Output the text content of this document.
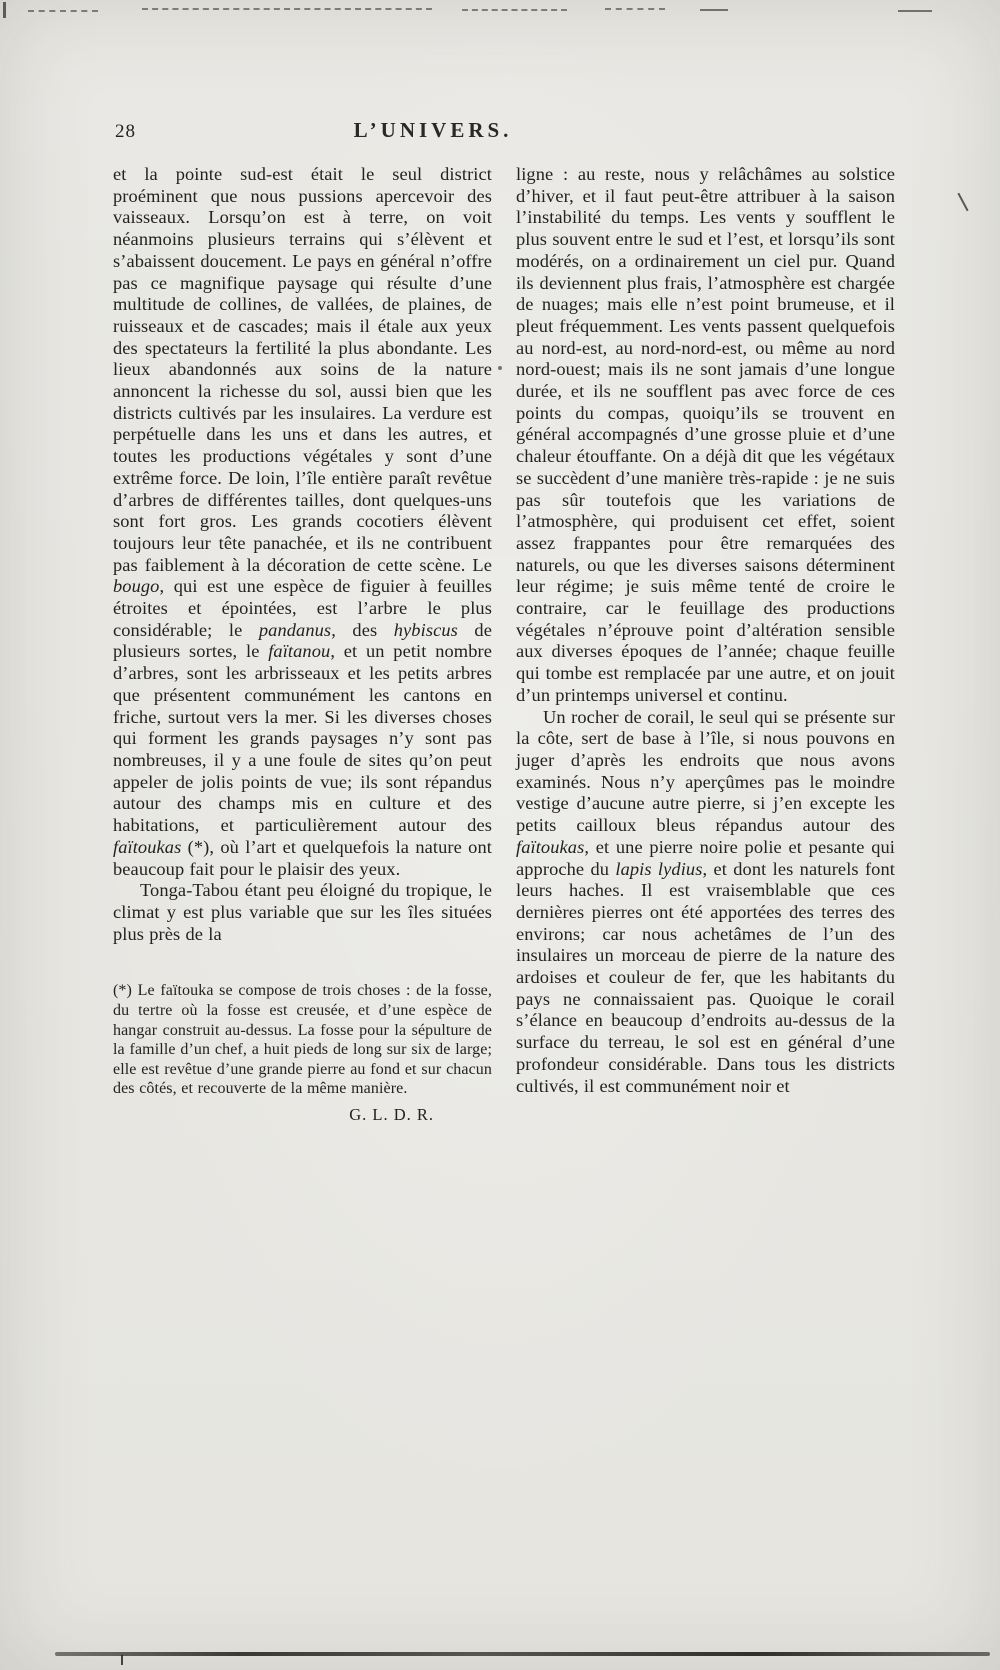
28	L’UNIVERS.

et la pointe sud-est était le seul district proéminent que nous pussions apercevoir des vaisseaux. Lorsqu’on est à terre, on voit néanmoins plusieurs terrains qui s’élèvent et s’abaissent doucement. Le pays en général n’offre pas ce magnifique paysage qui résulte d’une multitude de collines, de vallées, de plaines, de ruisseaux et de cascades; mais il étale aux yeux des spectateurs la fertilité la plus abondante. Les lieux abandonnés aux soins de la nature annoncent la richesse du sol, aussi bien que les districts cultivés par les insulaires. La verdure est perpétuelle dans les uns et dans les autres, et toutes les productions végétales y sont d’une extrême force. De loin, l’île entière paraît revêtue d’arbres de différentes tailles, dont quelques-uns sont fort gros. Les grands cocotiers élèvent toujours leur tête panachée, et ils ne contribuent pas faiblement à la décoration de cette scène. Le bougo, qui est une espèce de figuier à feuilles étroites et épointées, est l’arbre le plus considérable; le pandanus, des hybiscus de plusieurs sortes, le faïtanou, et un petit nombre d’arbres, sont les arbrisseaux et les petits arbres que présentent communément les cantons en friche, surtout vers la mer. Si les diverses choses qui forment les grands paysages n’y sont pas nombreuses, il y a une foule de sites qu’on peut appeler de jolis points de vue; ils sont répandus autour des champs mis en culture et des habitations, et particulièrement autour des faïtoukas (*), où l’art et quelquefois la nature ont beaucoup fait pour le plaisir des yeux.

Tonga-Tabou étant peu éloigné du tropique, le climat y est plus variable que sur les îles situées plus près de la

(*) Le faïtouka se compose de trois choses : de la fosse, du tertre où la fosse est creusée, et d’une espèce de hangar construit au-dessus. La fosse pour la sépulture de la famille d’un chef, a huit pieds de long sur six de large; elle est revêtue d’une grande pierre au fond et sur chacun des côtés, et recouverte de la même manière.

G. L. D. R.

ligne : au reste, nous y relâchâmes au solstice d’hiver, et il faut peut-être attribuer à la saison l’instabilité du temps. Les vents y soufflent le plus souvent entre le sud et l’est, et lorsqu’ils sont modérés, on a ordinairement un ciel pur. Quand ils deviennent plus frais, l’atmosphère est chargée de nuages; mais elle n’est point brumeuse, et il pleut fréquemment. Les vents passent quelquefois au nord-est, au nord-nord-est, ou même au nord nord-ouest; mais ils ne sont jamais d’une longue durée, et ils ne soufflent pas avec force de ces points du compas, quoiqu’ils se trouvent en général accompagnés d’une grosse pluie et d’une chaleur étouffante. On a déjà dit que les végétaux se succèdent d’une manière très-rapide : je ne suis pas sûr toutefois que les variations de l’atmosphère, qui produisent cet effet, soient assez frappantes pour être remarquées des naturels, ou que les diverses saisons déterminent leur régime; je suis même tenté de croire le contraire, car le feuillage des productions végétales n’éprouve point d’altération sensible aux diverses époques de l’année; chaque feuille qui tombe est remplacée par une autre, et on jouit d’un printemps universel et continu.

Un rocher de corail, le seul qui se présente sur la côte, sert de base à l’île, si nous pouvons en juger d’après les endroits que nous avons examinés. Nous n’y aperçûmes pas le moindre vestige d’aucune autre pierre, si j’en excepte les petits cailloux bleus répandus autour des faïtoukas, et une pierre noire polie et pesante qui approche du lapis lydius, et dont les naturels font leurs haches. Il est vraisemblable que ces dernières pierres ont été apportées des terres des environs; car nous achetâmes de l’un des insulaires un morceau de pierre de la nature des ardoises et couleur de fer, que les habitants du pays ne connaissaient pas. Quoique le corail s’élance en beaucoup d’endroits au-dessus de la surface du terreau, le sol est en général d’une profondeur considérable. Dans tous les districts cultivés, il est communément noir et
